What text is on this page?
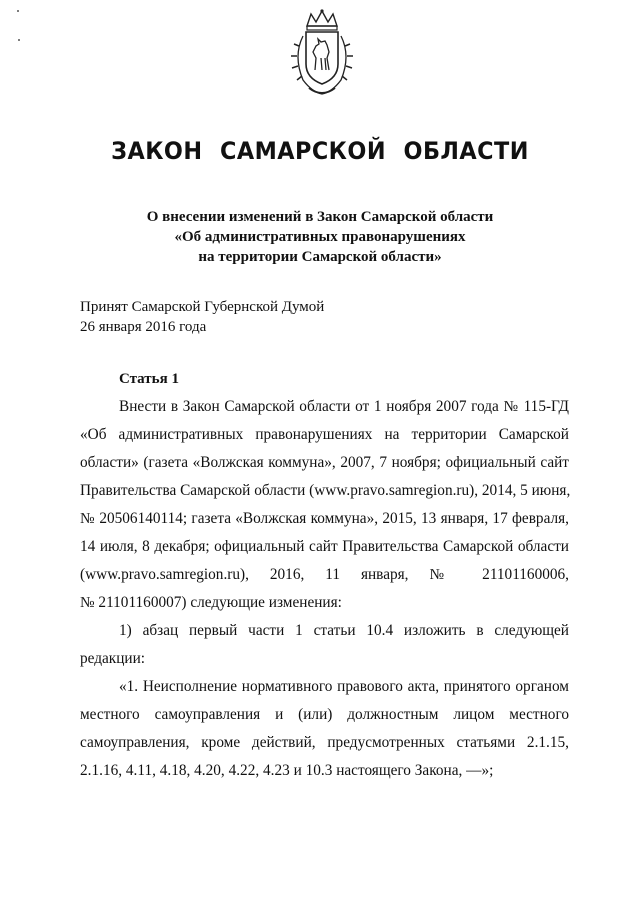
ЗАКОН САМАРСКОЙ ОБЛАСТИ
О внесении изменений в Закон Самарской области
«Об административных правонарушениях
на территории Самарской области»
Принят Самарской Губернской Думой
26 января 2016 года
Статья 1
Внести в Закон Самарской области от 1 ноября 2007 года № 115-ГД
«Об административных правонарушениях на территории Самарской
области» (газета «Волжская коммуна», 2007, 7 ноября; официальный сайт
Правительства Самарской области (www.pravo.samregion.ru), 2014, 5 июня,
№ 20506140114; газета «Волжская коммуна», 2015, 13 января, 17 февраля,
14 июля, 8 декабря; официальный сайт Правительства Самарской области
(www.pravo.samregion.ru), 2016, 11 января, № 21101160006,
№ 21101160007) следующие изменения:
1) абзац первый части 1 статьи 10.4 изложить в следующей
редакции:
«1. Неисполнение нормативного правового акта, принятого органом
местного самоуправления и (или) должностным лицом местного
самоуправления, кроме действий, предусмотренных статьями 2.1.15,
2.1.16, 4.11, 4.18, 4.20, 4.22, 4.23 и 10.3 настоящего Закона, —»;
